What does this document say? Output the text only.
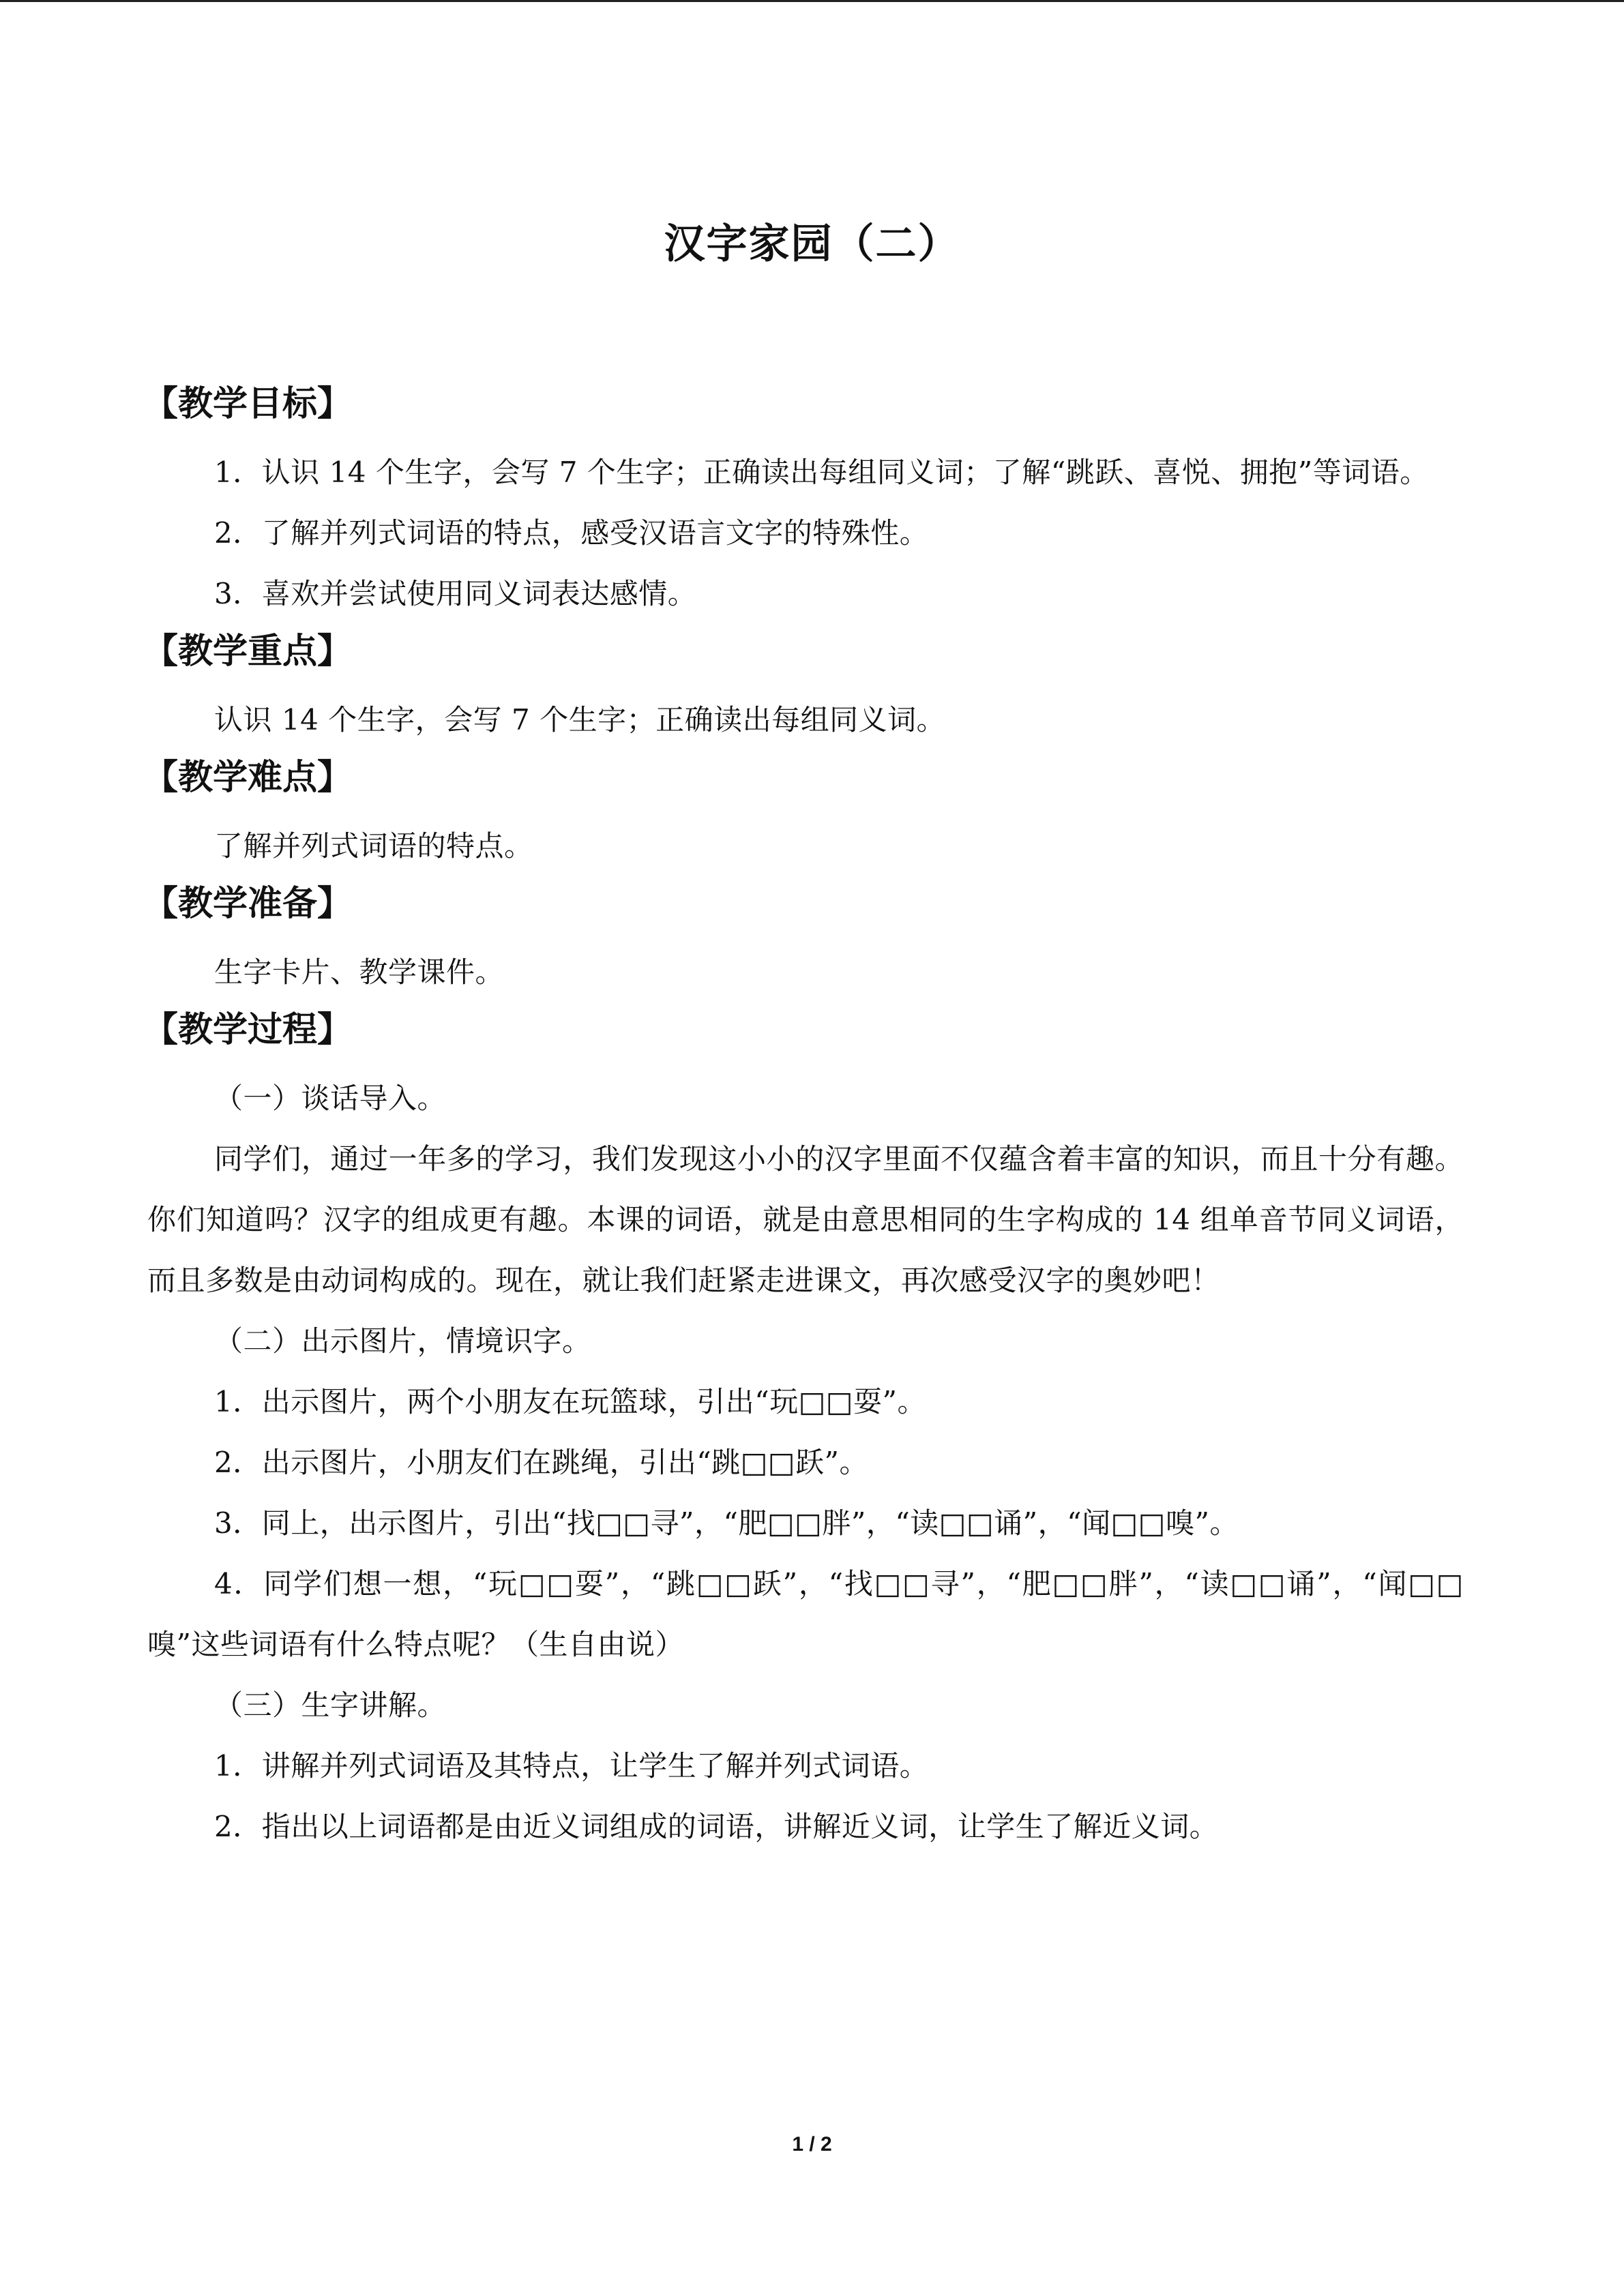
汉字家园（二）
【教学目标】
1．认识 14 个生字，会写 7 个生字；正确读出每组同义词；了解“跳跃、喜悦、拥抱”等词语。
2．了解并列式词语的特点，感受汉语言文字的特殊性。
3．喜欢并尝试使用同义词表达感情。
【教学重点】
认识 14 个生字，会写 7 个生字；正确读出每组同义词。
【教学难点】
了解并列式词语的特点。
【教学准备】
生字卡片、教学课件。
【教学过程】
（一）谈话导入。
同学们，通过一年多的学习，我们发现这小小的汉字里面不仅蕴含着丰富的知识，而且十分有趣。你们知道吗？汉字的组成更有趣。本课的词语，就是由意思相同的生字构成的 14 组单音节同义词语，而且多数是由动词构成的。现在，就让我们赶紧走进课文，再次感受汉字的奥妙吧！
（二）出示图片，情境识字。
1．出示图片，两个小朋友在玩篮球，引出“玩□□耍”。
2．出示图片，小朋友们在跳绳，引出“跳□□跃”。
3．同上，出示图片，引出“找□□寻”，“肥□□胖”，“读□□诵”，“闻□□嗅”。
4．同学们想一想，“玩□□耍”，“跳□□跃”，“找□□寻”，“肥□□胖”，“读□□诵”，“闻□□嗅”这些词语有什么特点呢？（生自由说）
（三）生字讲解。
1．讲解并列式词语及其特点，让学生了解并列式词语。
2．指出以上词语都是由近义词组成的词语，讲解近义词，让学生了解近义词。
1 / 2
